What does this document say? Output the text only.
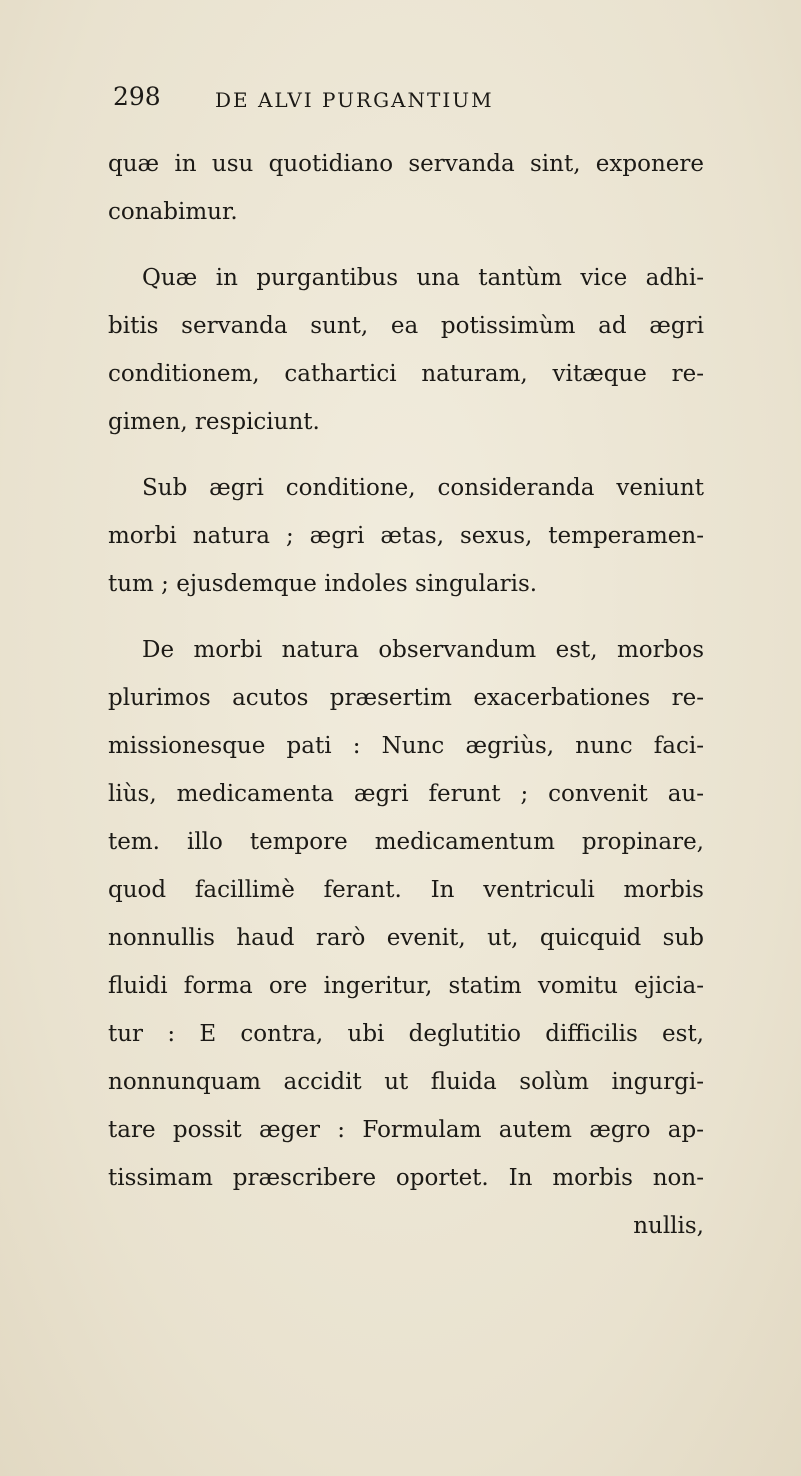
298	DE ALVI PURGANTIUM
quæ in usu quotidiano servanda sint, exponere
conabimur.
Quæ in purgantibus una tantùm vice adhi-
bitis servanda sunt, ea potissimùm ad ægri
conditionem, cathartici naturam, vitæque re-
gimen, respiciunt.
Sub ægri conditione, consideranda veniunt
morbi natura ; ægri ætas, sexus, temperamen-
tum ; ejusdemque indoles singularis.
De morbi natura observandum est, morbos
plurimos acutos præsertim exacerbationes re-
missionesque pati : Nunc ægriùs, nunc faci-
liùs, medicamenta ægri ferunt ; convenit au-
tem. illo tempore medicamentum propinare,
quod facillimè ferant. In ventriculi morbis
nonnullis haud rarò evenit, ut, quicquid sub
fluidi forma ore ingeritur, statim vomitu ejicia-
tur : E contra, ubi deglutitio difficilis est,
nonnunquam accidit ut fluida solùm ingurgi-
tare possit æger : Formulam autem ægro ap-
tissimam præscribere oportet. In morbis non-
nullis,
